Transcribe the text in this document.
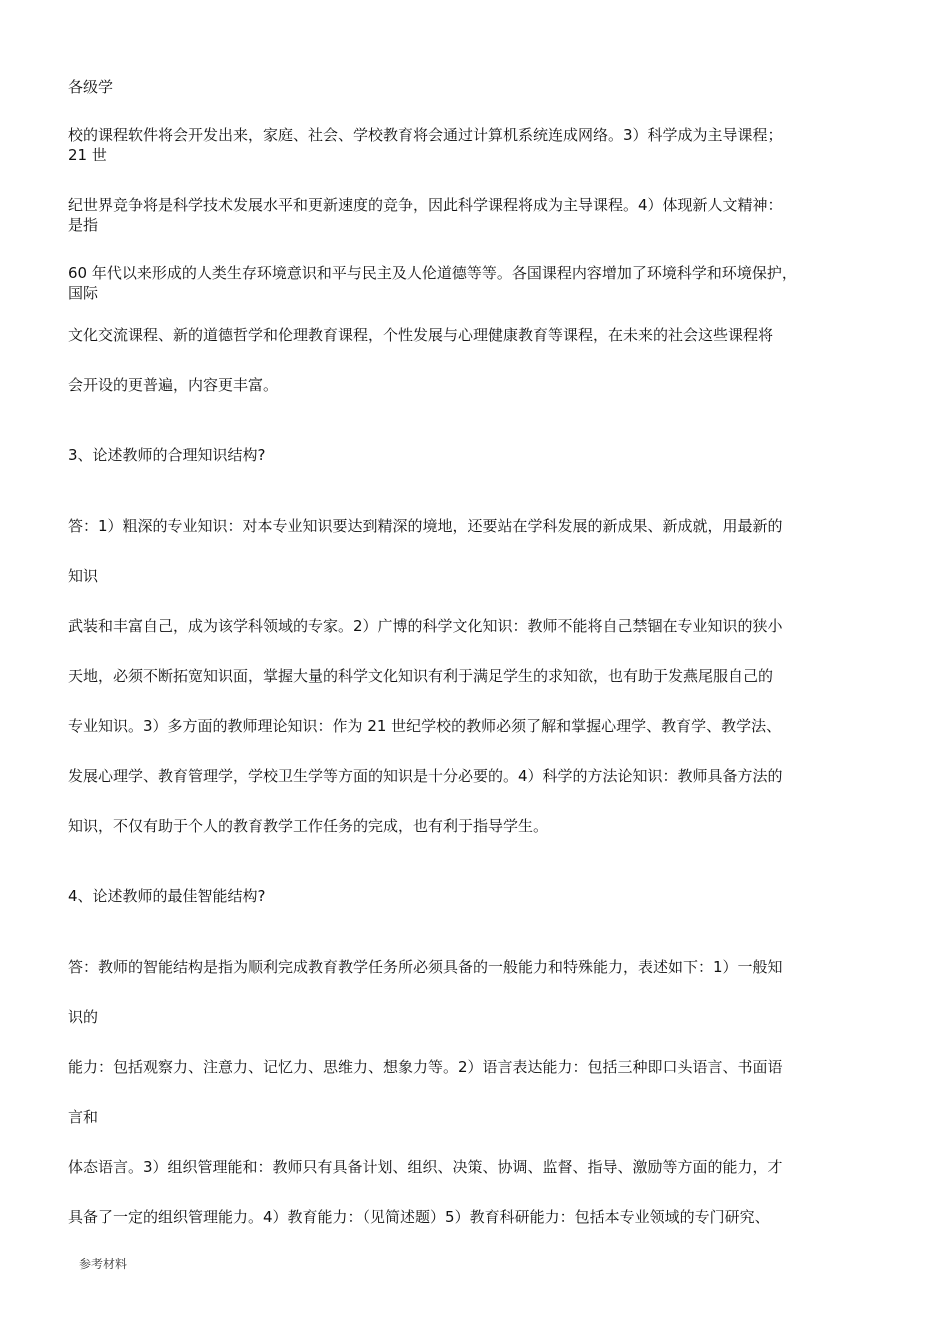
各级学
校的课程软件将会开发出来，家庭、社会、学校教育将会通过计算机系统连成网络。3）科学成为主导课程；
21 世
纪世界竞争将是科学技术发展水平和更新速度的竞争，因此科学课程将成为主导课程。4）体现新人文精神：
是指
60 年代以来形成的人类生存环境意识和平与民主及人伦道德等等。各国课程内容增加了环境科学和环境保护，
国际
文化交流课程、新的道德哲学和伦理教育课程，个性发展与心理健康教育等课程，在未来的社会这些课程将
会开设的更普遍，内容更丰富。
3、论述教师的合理知识结构?
答：1）粗深的专业知识：对本专业知识要达到精深的境地，还要站在学科发展的新成果、新成就，用最新的
知识
武装和丰富自己，成为该学科领域的专家。2）广博的科学文化知识：教师不能将自己禁锢在专业知识的狭小
天地，必须不断拓宽知识面，掌握大量的科学文化知识有利于满足学生的求知欲，也有助于发燕尾服自己的
专业知识。3）多方面的教师理论知识：作为 21 世纪学校的教师必须了解和掌握心理学、教育学、教学法、
发展心理学、教育管理学，学校卫生学等方面的知识是十分必要的。4）科学的方法论知识：教师具备方法的
知识，不仅有助于个人的教育教学工作任务的完成，也有利于指导学生。
4、论述教师的最佳智能结构?
答：教师的智能结构是指为顺利完成教育教学任务所必须具备的一般能力和特殊能力，表述如下：1）一般知
识的
能力：包括观察力、注意力、记忆力、思维力、想象力等。2）语言表达能力：包括三种即口头语言、书面语
言和
体态语言。3）组织管理能和：教师只有具备计划、组织、决策、协调、监督、指导、激励等方面的能力，才
具备了一定的组织管理能力。4）教育能力：（见简述题）5）教育科研能力：包括本专业领域的专门研究、
参考材料
